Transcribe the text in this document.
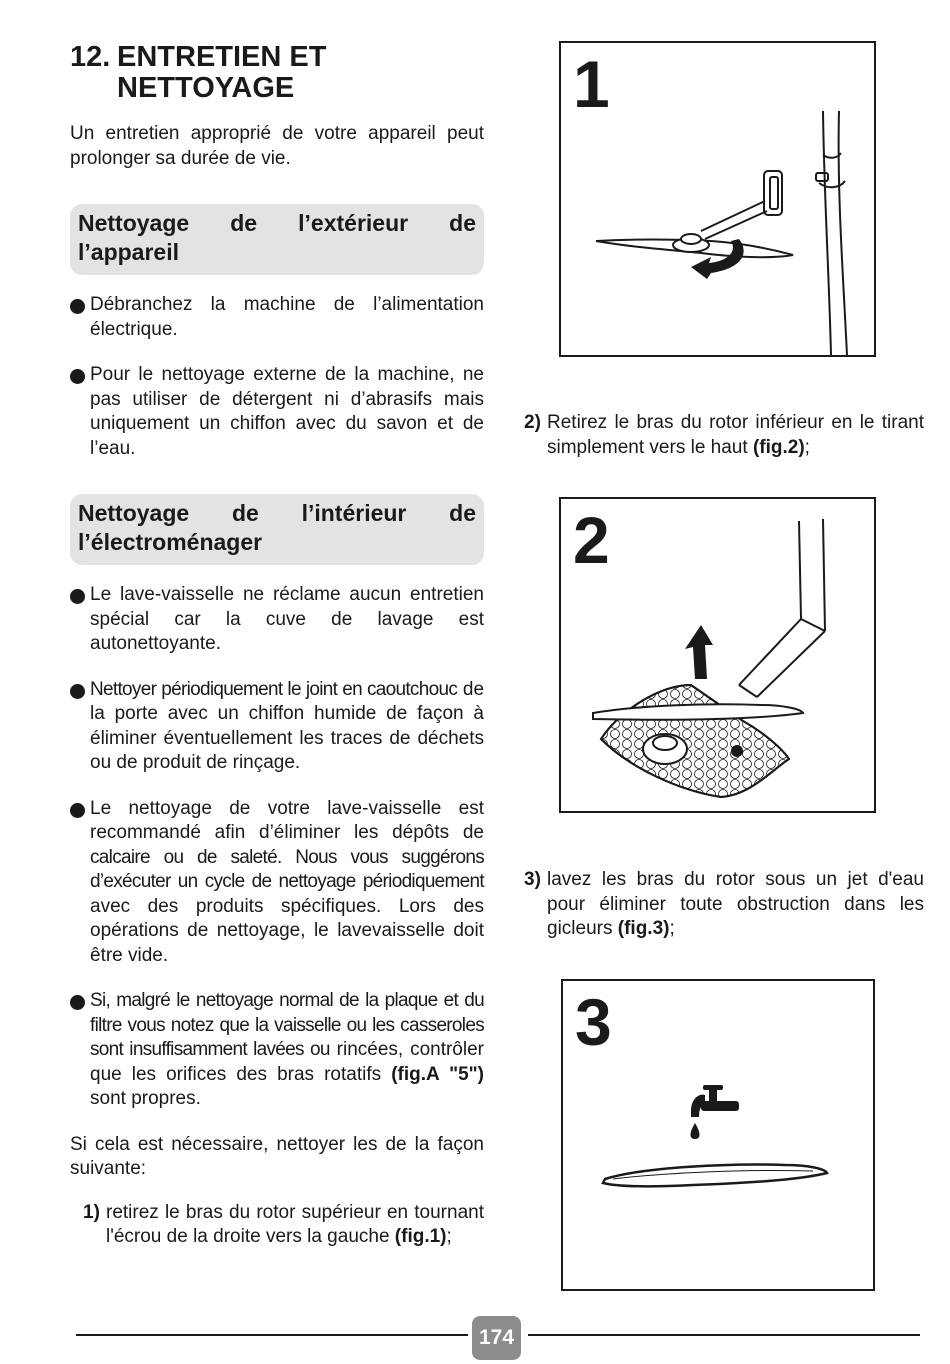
12. ENTRETIEN ET NETTOYAGE

Un entretien approprié de votre appareil peut prolonger sa durée de vie.

Nettoyage de l’extérieur de l’appareil
Débranchez la machine de l’alimentation électrique.
Pour le nettoyage externe de la machine, ne pas utiliser de détergent ni d’abrasifs mais uniquement un chiffon avec du savon et de l’eau.
Nettoyage de l’intérieur de l’électroménager
Le lave-vaisselle ne réclame aucun entretien spécial car la cuve de lavage est autonettoyante.
Nettoyer périodiquement le joint en caoutchouc de la porte avec un chiffon humide de façon à éliminer éventuellement les traces de déchets ou de produit de rinçage.
Le nettoyage de votre lave-vaisselle est recommandé afin d’éliminer les dépôts de calcaire ou de saleté. Nous vous suggérons d’exécuter un cycle de nettoyage périodiquement avec des produits spécifiques. Lors des opérations de nettoyage, le lavevaisselle doit être vide.
Si, malgré le nettoyage normal de la plaque et du filtre vous notez que la vaisselle ou les casseroles sont insuffisamment lavées ou rincées, contrôler que les orifices des bras rotatifs (fig.A "5") sont propres.

Si cela est nécessaire, nettoyer les de la façon suivante:

1) retirez le bras du rotor supérieur en tournant l'écrou de la droite vers la gauche (fig.1);
1
2) Retirez le bras du rotor inférieur en le tirant simplement vers le haut (fig.2);
2
3) lavez les bras du rotor sous un jet d'eau pour éliminer toute obstruction dans les gicleurs (fig.3);
3
174
